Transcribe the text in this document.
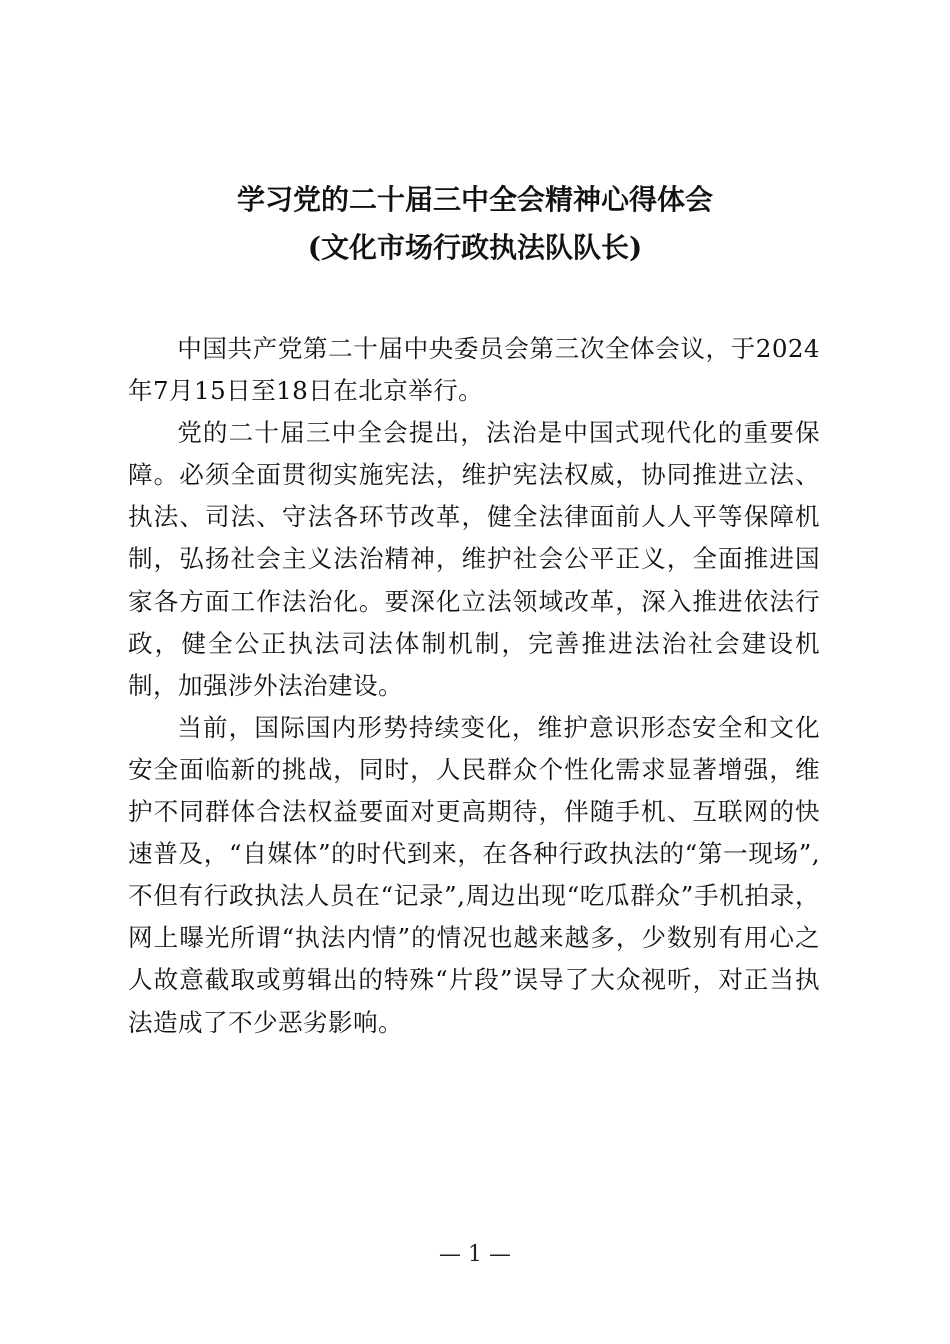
学习党的二十届三中全会精神心得体会
(文化市场行政执法队队长)

中国共产党第二十届中央委员会第三次全体会议，于2024年7月15日至18日在北京举行。

党的二十届三中全会提出，法治是中国式现代化的重要保障。必须全面贯彻实施宪法，维护宪法权威，协同推进立法、执法、司法、守法各环节改革，健全法律面前人人平等保障机制，弘扬社会主义法治精神，维护社会公平正义，全面推进国家各方面工作法治化。要深化立法领域改革，深入推进依法行政，健全公正执法司法体制机制，完善推进法治社会建设机制，加强涉外法治建设。

当前，国际国内形势持续变化，维护意识形态安全和文化安全面临新的挑战，同时，人民群众个性化需求显著增强，维护不同群体合法权益要面对更高期待，伴随手机、互联网的快速普及，“自媒体”的时代到来，在各种行政执法的“第一现场”,不但有行政执法人员在“记录”,周边出现“吃瓜群众”手机拍录，网上曝光所谓“执法内情”的情况也越来越多，少数别有用心之人故意截取或剪辑出的特殊“片段”误导了大众视听，对正当执法造成了不少恶劣影响。

— 1 —
